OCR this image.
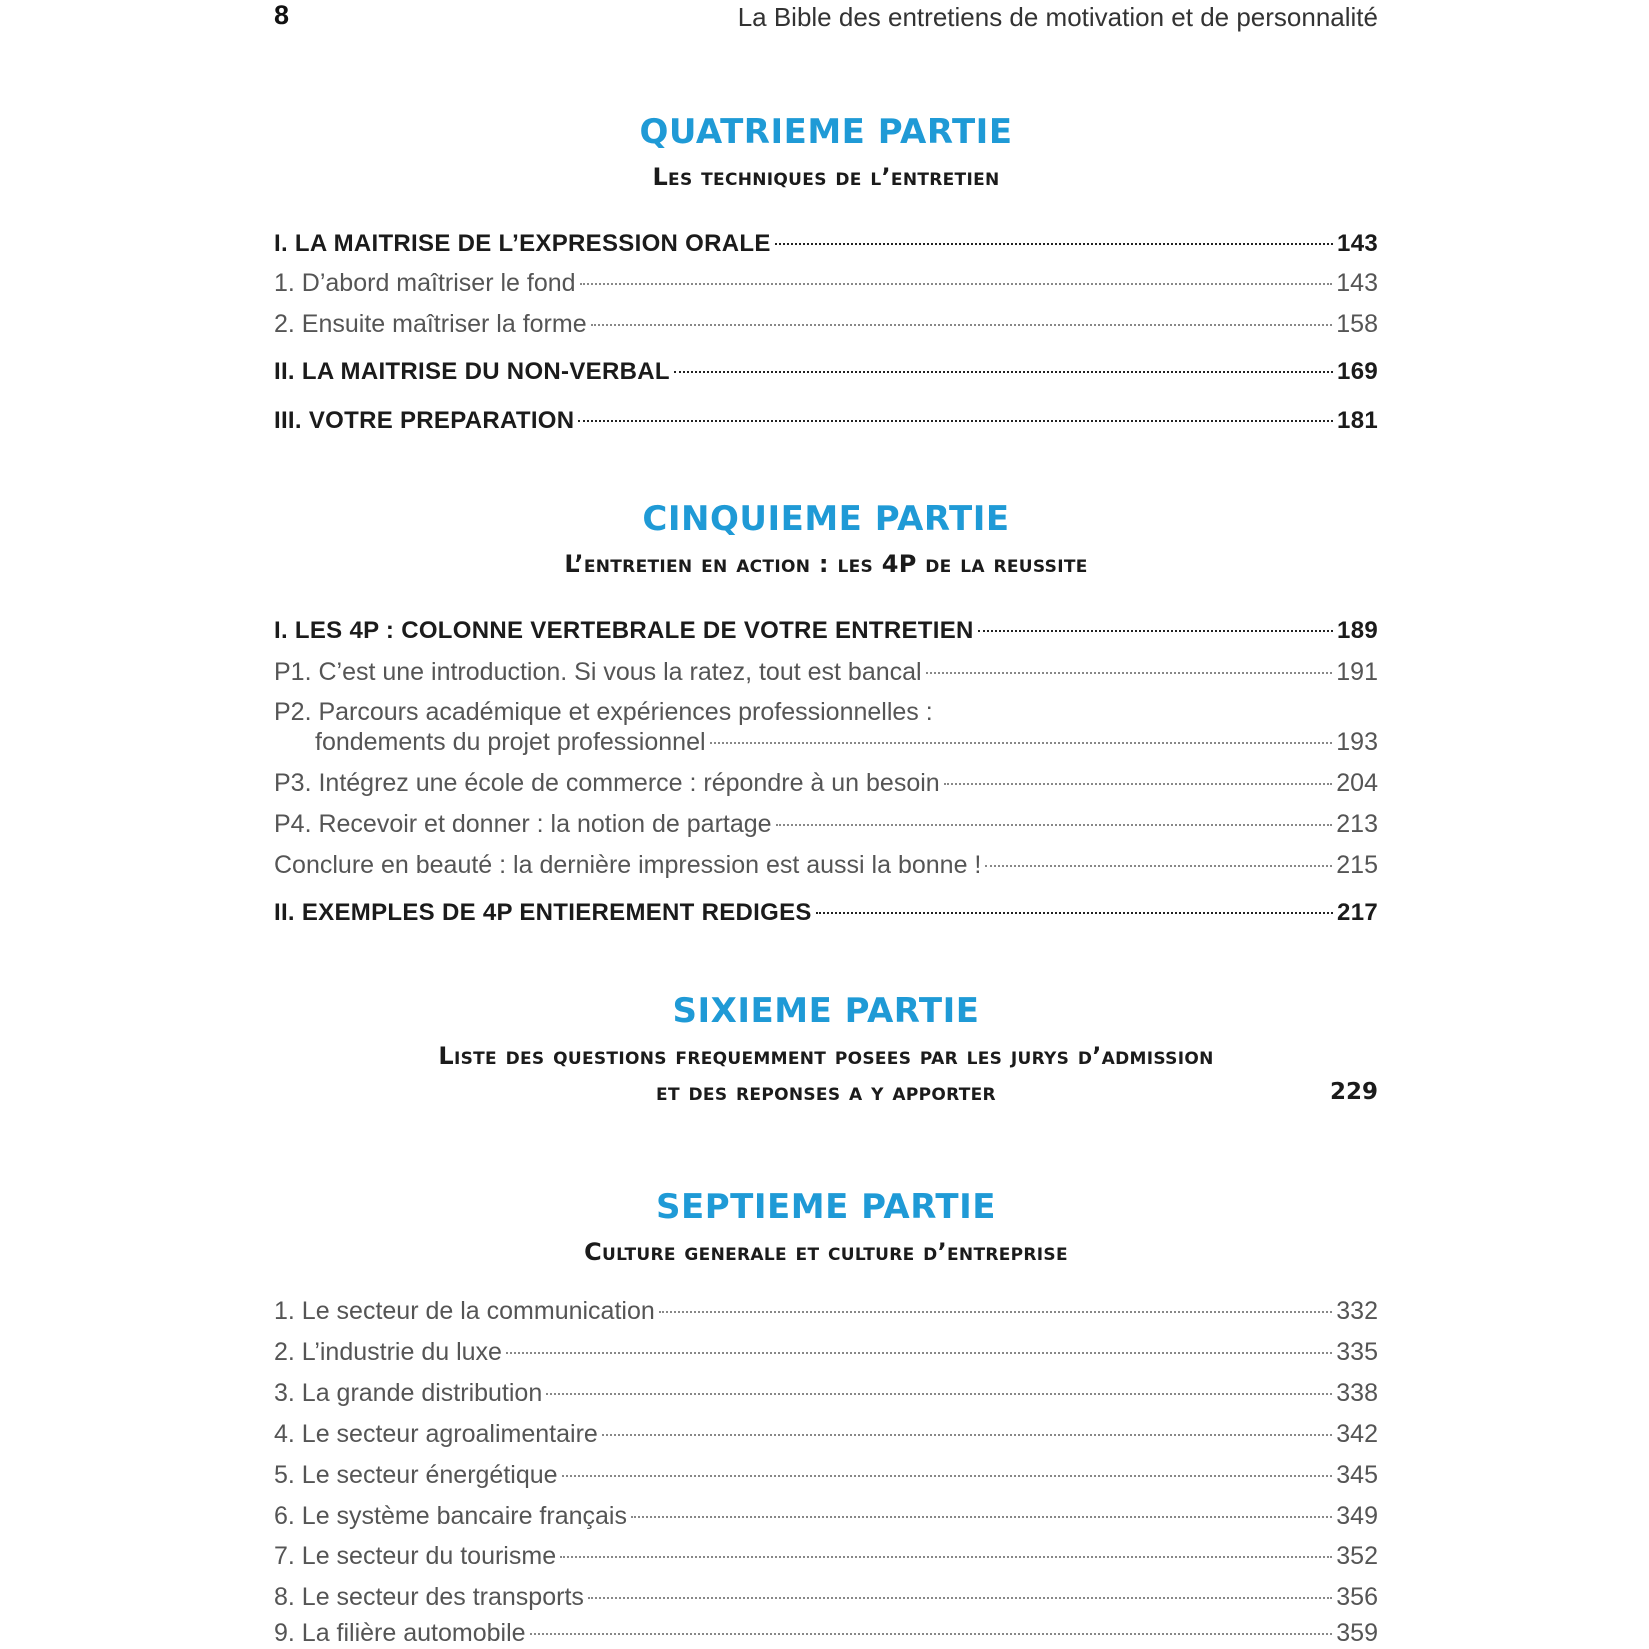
8	La Bible des entretiens de motivation et de personnalité
QUATRIEME PARTIE
Les techniques de l’entretien
I. LA MAITRISE DE L’EXPRESSION ORALE	143
1. D’abord maîtriser le fond	143
2. Ensuite maîtriser la forme	158
II. LA MAITRISE DU NON-VERBAL	169
III. VOTRE PREPARATION	181
CINQUIEME PARTIE
L’entretien en action : les 4P de la reussite
I. LES 4P : COLONNE VERTEBRALE DE VOTRE ENTRETIEN	189
P1. C’est une introduction. Si vous la ratez, tout est bancal	191
P2. Parcours académique et expériences professionnelles :
fondements du projet professionnel	193
P3. Intégrez une école de commerce : répondre à un besoin	204
P4. Recevoir et donner : la notion de partage	213
Conclure en beauté : la dernière impression est aussi la bonne !	215
II. EXEMPLES DE 4P ENTIEREMENT REDIGES	217
SIXIEME PARTIE
Liste des questions frequemment posees par les jurys d’admission
et des reponses a y apporter	229
SEPTIEME PARTIE
Culture generale et culture d’entreprise
1. Le secteur de la communication	332
2. L’industrie du luxe	335
3. La grande distribution	338
4. Le secteur agroalimentaire	342
5. Le secteur énergétique	345
6. Le système bancaire français	349
7. Le secteur du tourisme	352
8. Le secteur des transports	356
9. La filière automobile	359
